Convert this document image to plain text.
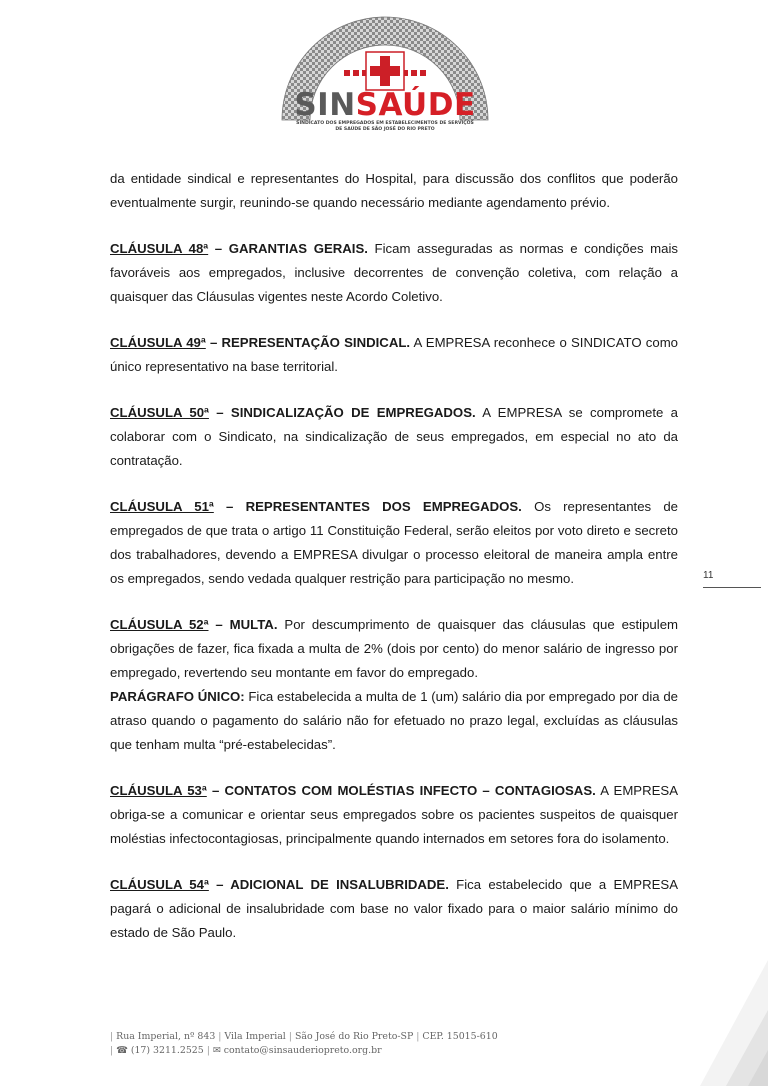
SINSAÚDE
SINDICATO DOS EMPREGADOS EM ESTABELECIMENTOS DE SERVIÇOS
DE SAÚDE DE SÃO JOSÉ DO RIO PRETO

da entidade sindical e representantes do Hospital, para discussão dos conflitos que poderão eventualmente surgir, reunindo-se quando necessário mediante agendamento prévio.

CLÁUSULA 48ª – GARANTIAS GERAIS. Ficam asseguradas as normas e condições mais favoráveis aos empregados, inclusive decorrentes de convenção coletiva, com relação a quaisquer das Cláusulas vigentes neste Acordo Coletivo.

CLÁUSULA 49ª – REPRESENTAÇÃO SINDICAL. A EMPRESA reconhece o SINDICATO como único representativo na base territorial.

CLÁUSULA 50ª – SINDICALIZAÇÃO DE EMPREGADOS. A EMPRESA se compromete a colaborar com o Sindicato, na sindicalização de seus empregados, em especial no ato da contratação.

CLÁUSULA 51ª – REPRESENTANTES DOS EMPREGADOS. Os representantes de empregados de que trata o artigo 11 Constituição Federal, serão eleitos por voto direto e secreto dos trabalhadores, devendo a EMPRESA divulgar o processo eleitoral de maneira ampla entre os empregados, sendo vedada qualquer restrição para participação no mesmo.

CLÁUSULA 52ª – MULTA. Por descumprimento de quaisquer das cláusulas que estipulem obrigações de fazer, fica fixada a multa de 2% (dois por cento) do menor salário de ingresso por empregado, revertendo seu montante em favor do empregado.

PARÁGRAFO ÚNICO: Fica estabelecida a multa de 1 (um) salário dia por empregado por dia de atraso quando o pagamento do salário não for efetuado no prazo legal, excluídas as cláusulas que tenham multa “pré-estabelecidas”.

CLÁUSULA 53ª – CONTATOS COM MOLÉSTIAS INFECTO – CONTAGIOSAS. A EMPRESA obriga-se a comunicar e orientar seus empregados sobre os pacientes suspeitos de quaisquer moléstias infectocontagiosas, principalmente quando internados em setores fora do isolamento.

CLÁUSULA 54ª – ADICIONAL DE INSALUBRIDADE. Fica estabelecido que a EMPRESA pagará o adicional de insalubridade com base no valor fixado para o maior salário mínimo do estado de São Paulo.

11
| Rua Imperial, nº 843 | Vila Imperial | São José do Rio Preto-SP | CEP. 15015-610
| ☎ (17) 3211.2525 | ✉ contato@sinsauderiopreto.org.br
